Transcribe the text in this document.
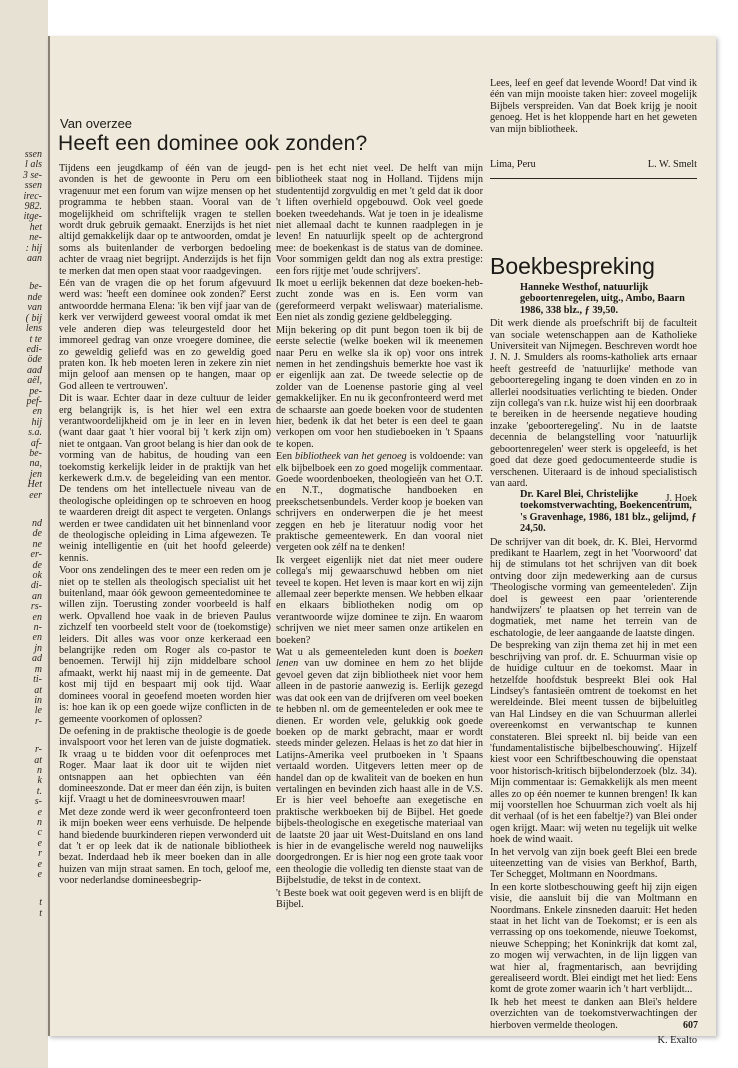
ssen
l als
3 se-
ssen
irec-
982.
itge-
het
ne-
: hij
aan
be-
nde
van
( bij
lens
t te
edi-
öde
aad
aël,
pe-
pef-
en
hij
s.a.
af-
be-
na,
jen
Het
eer
nd
de
ne
er-
de
ok
di-
an
rs-
en
n-
en
jn
ad
m
ti-
at
in
le
r-
r-
at
n
k
t.
s-
e
n
c
e
r
e
e
t
t
Van overzee
Heeft een dominee ook zonden?

Tijdens een jeugdkamp of één van de jeugd-avonden is het de gewoonte in Peru om een vragenuur met een forum van wijze mensen op het programma te hebben staan. Vooral van de mogelijkheid om schriftelijk vragen te stellen wordt druk gebruik gemaakt. Enerzijds is het niet altijd gemakkelijk daar op te antwoorden, omdat je soms als buitenlander de verborgen bedoeling achter de vraag niet begrijpt. Anderzijds is het fijn te merken dat men open staat voor raadgevingen.

Eén van de vragen die op het forum afgevuurd werd was: 'heeft een dominee ook zonden?' Eerst antwoordde hermana Elena: 'ik ben vijf jaar van de kerk ver verwijderd geweest vooral omdat ik met vele anderen diep was teleurgesteld door het immoreel gedrag van onze vroegere dominee, die zo geweldig geliefd was en zo geweldig goed praten kon. Ik heb moeten leren in zekere zin niet mijn geloof aan mensen op te hangen, maar op God alleen te vertrouwen'.

Dit is waar. Echter daar in deze cultuur de leider erg belangrijk is, is het hier wel een extra verantwoordelijkheid om je in leer en in leven (want daar gaat 't hier vooral bij 't kerk zijn om) niet te ontgaan. Van groot belang is hier dan ook de vorming van de habitus, de houding van een toekomstig kerkelijk leider in de praktijk van het kerkewerk d.m.v. de begeleiding van een mentor. De tendens om het intellectuele niveau van de theologische opleidingen op te schroeven en hoog te waarderen dreigt dit aspect te vergeten. Onlangs werden er twee candidaten uit het binnenland voor de theologische opleiding in Lima afgewezen. Te weinig intelligentie en (uit het hoofd geleerde) kennis.

Voor ons zendelingen des te meer een reden om je niet op te stellen als theologisch specialist uit het buitenland, maar óók gewoon gemeentedominee te willen zijn. Toerusting zonder voorbeeld is half werk. Opvallend hoe vaak in de brieven Paulus zichzelf ten voorbeeld stelt voor de (toekomstige) leiders. Dit alles was voor onze kerkeraad een belangrijke reden om Roger als co-pastor te benoemen. Terwijl hij zijn middelbare school afmaakt, werkt hij naast mij in de gemeente. Dat kost mij tijd en bespaart mij ook tijd. Waar dominees vooral in geoefend moeten worden hier is: hoe kan ik op een goede wijze conflicten in de gemeente voorkomen of oplossen?

De oefening in de praktische theologie is de goede invalspoort voor het leren van de juiste dogmatiek. Ik vraag u te bidden voor dit oefenproces met Roger. Maar laat ik door uit te wijden niet ontsnappen aan het opbiechten van één domineeszonde. Dat er meer dan één zijn, is buiten kijf. Vraagt u het de domineesvrouwen maar!

Met deze zonde werd ik weer geconfronteerd toen ik mijn boeken weer eens verhuisde. De helpende hand biedende buurkinderen riepen verwonderd uit dat 't er op leek dat ik de nationale bibliotheek bezat. Inderdaad heb ik meer boeken dan in alle huizen van mijn straat samen. En toch, geloof me, voor nederlandse domineesbegrip-

pen is het echt niet veel. De helft van mijn bibliotheek staat nog in Holland. Tijdens mijn studententijd zorgvuldig en met 't geld dat ik door 't liften overhield opgebouwd. Ook veel goede boeken tweedehands. Wat je toen in je idealisme niet allemaal dacht te kunnen raadplegen in je leven! En natuurlijk speelt op de achtergrond mee: de boekenkast is de status van de dominee. Voor sommigen geldt dan nog als extra prestige: een fors rijtje met 'oude schrijvers'.

Ik moet u eerlijk bekennen dat deze boeken-heb-zucht zonde was en is. Een vorm van (gereformeerd verpakt weliswaar) materialisme. Een niet als zondig geziene geldbelegging.

Mijn bekering op dit punt begon toen ik bij de eerste selectie (welke boeken wil ik meenemen naar Peru en welke sla ik op) voor ons intrek nemen in het zendingshuis bemerkte hoe vast ik er eigenlijk aan zat. De tweede selectie op de zolder van de Loenense pastorie ging al veel gemakkelijker. En nu ik geconfronteerd werd met de schaarste aan goede boeken voor de studenten hier, bedenk ik dat het beter is een deel te gaan verkopen om voor hen studieboeken in 't Spaans te kopen.

Een bibliotheek van het genoeg is voldoende: van elk bijbelboek een zo goed mogelijk commentaar. Goede woordenboeken, theologieën van het O.T. en N.T., dogmatische handboeken en preekschetsenbundels. Verder koop je boeken van schrijvers en onderwerpen die je het meest zeggen en heb je literatuur nodig voor het praktische gemeentewerk. En dan vooral niet vergeten ook zélf na te denken!

Ik vergeet eigenlijk niet dat niet meer oudere collega's mij gewaarschuwd hebben om niet teveel te kopen. Het leven is maar kort en wij zijn allemaal zeer beperkte mensen. We hebben elkaar en elkaars bibliotheken nodig om op verantwoorde wijze dominee te zijn. En waarom schrijven we niet meer samen onze artikelen en boeken?

Wat u als gemeenteleden kunt doen is boeken lenen van uw dominee en hem zo het blijde gevoel geven dat zijn bibliotheek niet voor hem alleen in de pastorie aanwezig is. Eerlijk gezegd was dat ook een van de drijfveren om veel boeken te hebben nl. om de gemeenteleden er ook mee te dienen. Er worden vele, gelukkig ook goede boeken op de markt gebracht, maar er wordt steeds minder gelezen. Helaas is het zo dat hier in Latijns-Amerika veel prutboeken in 't Spaans vertaald worden. Uitgevers letten meer op de handel dan op de kwaliteit van de boeken en hun vertalingen en bevinden zich haast alle in de V.S. Er is hier veel behoefte aan exegetische en praktische werkboeken bij de Bijbel. Het goede bijbels-theologische en exegetische materiaal van de laatste 20 jaar uit West-Duitsland en ons land is hier in de evangelische wereld nog nauwelijks doorgedrongen. Er is hier nog een grote taak voor een theologie die volledig ten dienste staat van de Bijbelstudie, de tekst in de context.

't Beste boek wat ooit gegeven werd is en blijft de Bijbel.

Lees, leef en geef dat levende Woord! Dat vind ik één van mijn mooiste taken hier: zoveel mogelijk Bijbels verspreiden. Van dat Boek krijg je nooit genoeg. Het is het kloppende hart en het geweten van mijn bibliotheek.

Lima, Peru	L. W. Smelt
Boekbespreking

Hanneke Westhof, natuurlijk geboortenregelen, uitg., Ambo, Baarn 1986, 338 blz., ƒ 39,50.

Dit werk diende als proefschrift bij de faculteit van sociale wetenschappen aan de Katholieke Universiteit van Nijmegen. Beschreven wordt hoe J. N. J. Smulders als rooms-katholiek arts ernaar heeft gestreefd de 'natuurlijke' methode van geboorteregeling ingang te doen vinden en zo in allerlei noodsituaties verlichting te bieden. Onder zijn collega's van r.k. huize wist hij een doorbraak te bereiken in de heersende negatieve houding inzake 'geboorteregeling'. Nu in de laatste decennia de belangstelling voor 'natuurlijk geboortenregelen' weer sterk is opgeleefd, is het goed dat deze goed gedocumenteerde studie is verschenen. Uiteraard is de inhoud specialistisch van aard.

J. Hoek

Dr. Karel Blei, Christelijke toekomstverwachting, Boekencentrum, 's Gravenhage, 1986, 181 blz., gelijmd, ƒ 24,50.

De schrijver van dit boek, dr. K. Blei, Hervormd predikant te Haarlem, zegt in het 'Voorwoord' dat hij de stimulans tot het schrijven van dit boek ontving door zijn medewerking aan de cursus 'Theologische vorming van gemeenteleden'. Zijn doel is geweest een paar 'orienterende handwijzers' te plaatsen op het terrein van de dogmatiek, met name het terrein van de eschatologie, de leer aangaande de laatste dingen.

De bespreking van zijn thema zet hij in met een beschrijving van prof. dr. E. Schuurman visie op de huidige cultuur en de toekomst. Maar in hetzelfde hoofdstuk bespreekt Blei ook Hal Lindsey's fantasieën omtrent de toekomst en het wereldeinde. Blei meent tussen de bijbeluitleg van Hal Lindsey en die van Schuurman allerlei overeenkomst en verwantschap te kunnen constateren. Blei spreekt nl. bij beide van een 'fundamentalistische bijbelbeschouwing'. Hijzelf kiest voor een Schriftbeschouwing die openstaat voor historisch-kritisch bijbelonderzoek (blz. 34). Mijn commentaar is: Gemakkelijk als men meent alles zo op één noemer te kunnen brengen! Ik kan mij voorstellen hoe Schuurman zich voelt als hij dit verhaal (of is het een fabeltje?) van Blei onder ogen krijgt. Maar: wij weten nu tegelijk uit welke hoek de wind waait.

In het vervolg van zijn boek geeft Blei een brede uiteenzetting van de visies van Berkhof, Barth, Ter Schegget, Moltmann en Noordmans.

In een korte slotbeschouwing geeft hij zijn eigen visie, die aansluit bij die van Moltmann en Noordmans. Enkele zinsneden daaruit: Het heden staat in het licht van de Toekomst; er is een als verrassing op ons toekomende, nieuwe Toekomst, nieuwe Schepping; het Koninkrijk dat komt zal, zo mogen wij verwachten, in de lijn liggen van wat hier al, fragmentarisch, aan bevrijding gerealiseerd wordt. Blei eindigt met het lied: Eens komt de grote zomer waarin ich 't hart verblijdt...

Ik heb het meest te danken aan Blei's heldere overzichten van de toekomstverwachtingen der hierboven vermelde theologen.

K. Exalto

607
